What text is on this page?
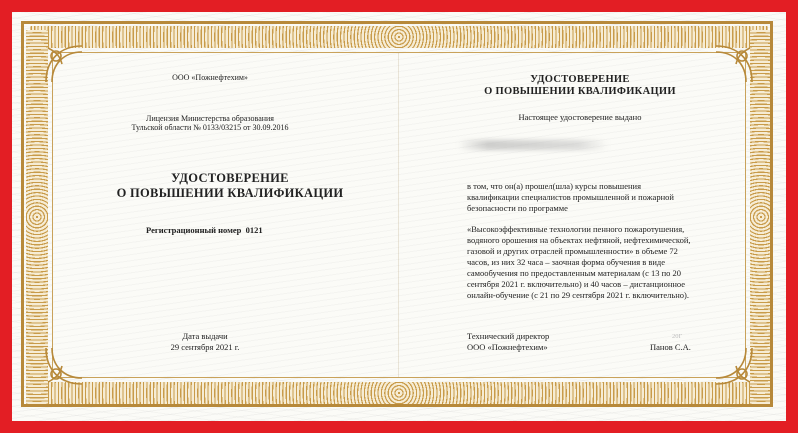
ООО «Пожнефтехим»
Лицензия Министерства образования
Тульской области № 0133/03215 от 30.09.2016
УДОСТОВЕРЕНИЕ
О ПОВЫШЕНИИ КВАЛИФИКАЦИИ
Регистрационный номер 0121
Дата выдачи
29 сентября 2021 г.
УДОСТОВЕРЕНИЕ
О ПОВЫШЕНИИ КВАЛИФИКАЦИИ
Настоящее удостоверение выдано
в том, что он(а) прошел(шла) курсы повышения
квалификации специалистов промышленной и пожарной
безопасности по программе
«Высокоэффективные технологии пенного пожаротушения,
водяного орошения на объектах нефтяной, нефтехимической,
газовой и других отраслей промышленности» в объеме 72
часов, из них 32 часа – заочная форма обучения в виде
самообучения по предоставленным материалам (с 13 по 20
сентября 2021 г. включительно) и 40 часов – дистанционное
онлайн-обучение (с 21 по 29 сентября 2021 г. включительно).
Технический директор
ООО «Пожнефтехим»
20Г
Панов С.А.
